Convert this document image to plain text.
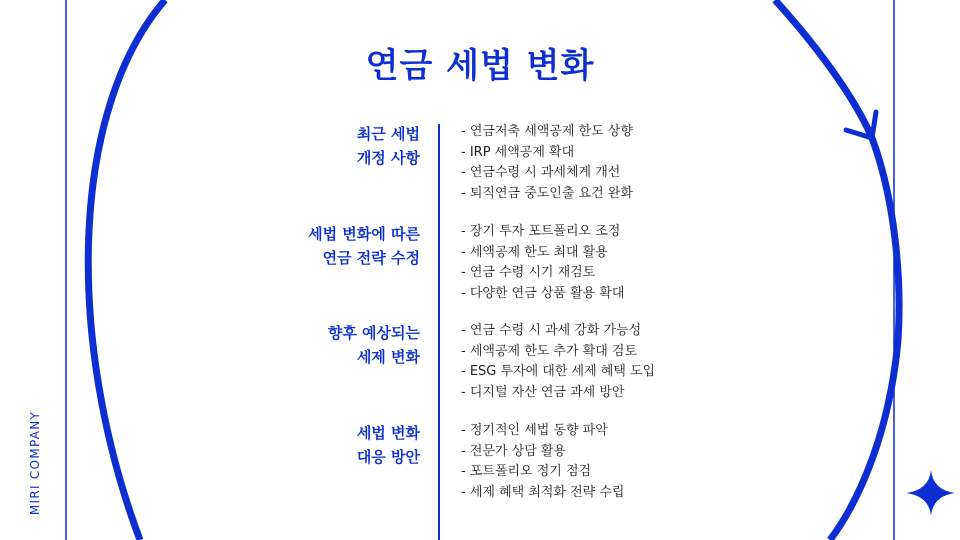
연금 세법 변화
MIRI COMPANY
최근 세법
개정 사항
- 연금저축 세액공제 한도 상향
- IRP 세액공제 확대
- 연금수령 시 과세체계 개선
- 퇴직연금 중도인출 요건 완화
세법 변화에 따른
연금 전략 수정
- 장기 투자 포트폴리오 조정
- 세액공제 한도 최대 활용
- 연금 수령 시기 재검토
- 다양한 연금 상품 활용 확대
향후 예상되는
세제 변화
- 연금 수령 시 과세 강화 가능성
- 세액공제 한도 추가 확대 검토
- ESG 투자에 대한 세제 혜택 도입
- 디지털 자산 연금 과세 방안
세법 변화
대응 방안
- 정기적인 세법 동향 파악
- 전문가 상담 활용
- 포트폴리오 정기 점검
- 세제 혜택 최적화 전략 수립
